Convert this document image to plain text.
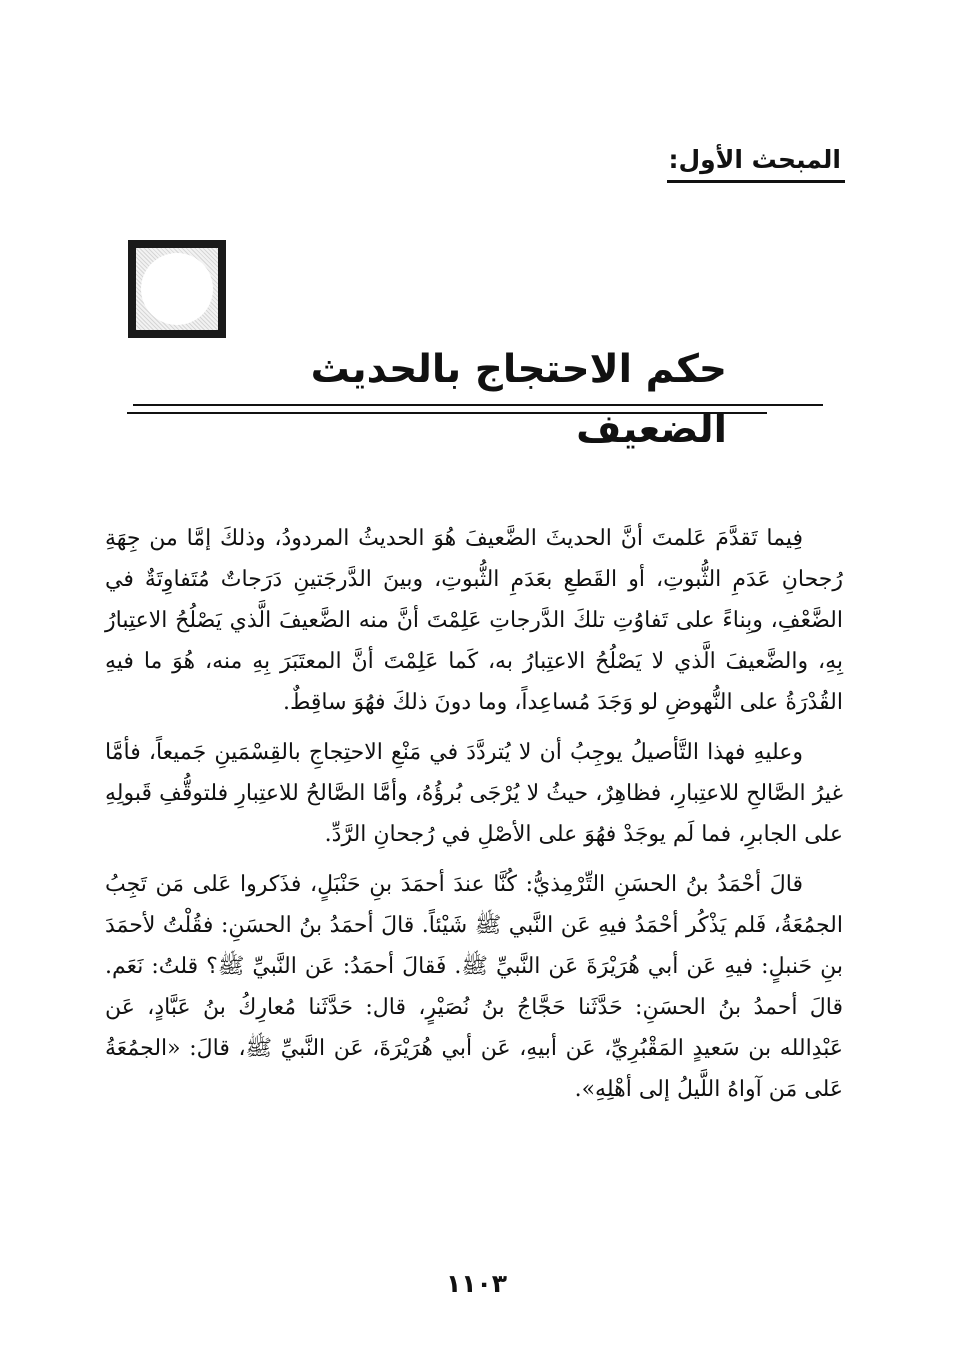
المبحث الأول:
حكم الاحتجاج بالحديث الضعيف

فِيما تَقدَّمَ عَلمتَ أنَّ الحديثَ الضَّعيفَ هُوَ الحديثُ المردودُ، وذلكَ إمَّا من جِهَةِ رُجحانِ عَدَمِ الثُّبوتِ، أو القَطعِ بعَدَمِ الثُّبوتِ، وبينَ الدَّرجَتينِ دَرَجاتٌ مُتَفاوِتَةٌ في الضَّعْفِ، وبِناءً على تَفاوُتِ تلكَ الدَّرجاتِ عَلِمْتَ أنَّ منه الضَّعيفَ الَّذي يَصْلُحُ الاعتِبارُ بِهِ، والضَّعيفَ الَّذي لا يَصْلُحُ الاعتِبارُ به، كَما عَلِمْتَ أنَّ المعتَبَرَ بِهِ منه، هُوَ ما فيهِ القُدْرَةُ على النُّهوضِ لو وَجَدَ مُساعِداً، وما دونَ ذلكَ فهُوَ ساقِطٌ.

وعليهِ فهذا التَّأصيلُ يوجِبُ أن لا يُتردَّدَ في مَنْعِ الاحتِجاجِ بالقِسْمَينِ جَميعاً، فأمَّا غيرُ الصَّالحِ للاعتِبارِ، فظاهِرٌ، حيثُ لا يُرْجَى بُرؤُهُ، وأمَّا الصَّالحُ للاعتِبارِ فلتوقُّفِ قَبولِهِ على الجابرِ، فما لَم يوجَدْ فهُوَ على الأصْلِ في رُجحانِ الرَّدِّ.

قالَ أحْمَدُ بنُ الحسَنِ التِّرْمِذيُّ: كُنَّا عندَ أحمَدَ بنِ حَنْبَلٍ، فذَكروا عَلى مَن تَجِبُ الجمُعَةُ، فَلم يَذْكُر أحْمَدُ فيهِ عَن النَّبي ﷺ شَيْئاً. قالَ أحمَدُ بنُ الحسَنِ: فقُلْتُ لأحمَدَ بنِ حَنبلٍ: فيهِ عَن أبي هُرَيْرَةَ عَن النَّبيِّ ﷺ. فَقالَ أحمَدُ: عَن النَّبيِّ ﷺ؟ قلتُ: نَعَم. قالَ أحمدُ بنُ الحسَنِ: حَدَّثَنا حَجَّاجُ بنُ نُصَيْرٍ، قال: حَدَّثَنا مُعارِكُ بنُ عَبَّادٍ، عَن عَبْدِالله بن سَعيدٍ المَقْبُرِيِّ، عَن أبيهِ، عَن أبي هُرَيْرَةَ، عَن النَّبيِّ ﷺ، قالَ: «الجمُعَةُ عَلى مَن آواهُ اللَّيلُ إلى أهْلِهِ».

١١٠٣
